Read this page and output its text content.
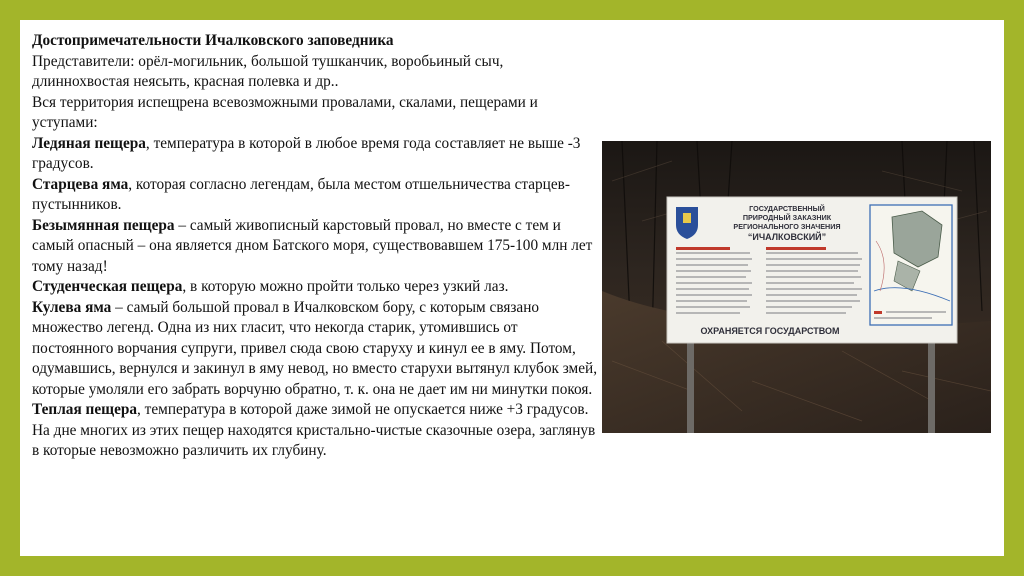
Достопримечательности Ичалковского заповедника

Представители: орёл-могильник, большой тушканчик, воробьиный сыч, длиннохвостая неясыть, красная полевка и др..

Вся территория испещрена всевозможными провалами, скалами, пещерами и уступами:

Ледяная пещера, температура в которой в любое время года составляет не выше -3 градусов.

Старцева яма, которая согласно легендам, была местом отшельничества старцев-пустынников.

Безымянная пещера – самый живописный карстовый провал, но вместе с тем и самый опасный – она является дном Батского моря, существовавшем 175-100 млн лет тому назад!

Студенческая пещера, в которую можно пройти только через узкий лаз.

Кулева яма – самый большой провал в Ичалковском бору, с которым связано множество легенд. Одна из них гласит, что некогда старик, утомившись от постоянного ворчания супруги, привел сюда свою старуху и кинул ее в яму. Потом, одумавшись, вернулся и закинул в яму невод, но вместо старухи вытянул клубок змей, которые умоляли его забрать ворчуню обратно, т. к. она не дает им ни минутки покоя.

Теплая пещера, температура в которой даже зимой не опускается ниже +3 градусов.

На дне многих из этих пещер находятся кристально-чистые сказочные озера, заглянув в которые невозможно различить их глубину.

ГОСУДАРСТВЕННЫЙ
ПРИРОДНЫЙ ЗАКАЗНИК
РЕГИОНАЛЬНОГО ЗНАЧЕНИЯ
“ИЧАЛКОВСКИЙ”
ОХРАНЯЕТСЯ ГОСУДАРСТВОМ
